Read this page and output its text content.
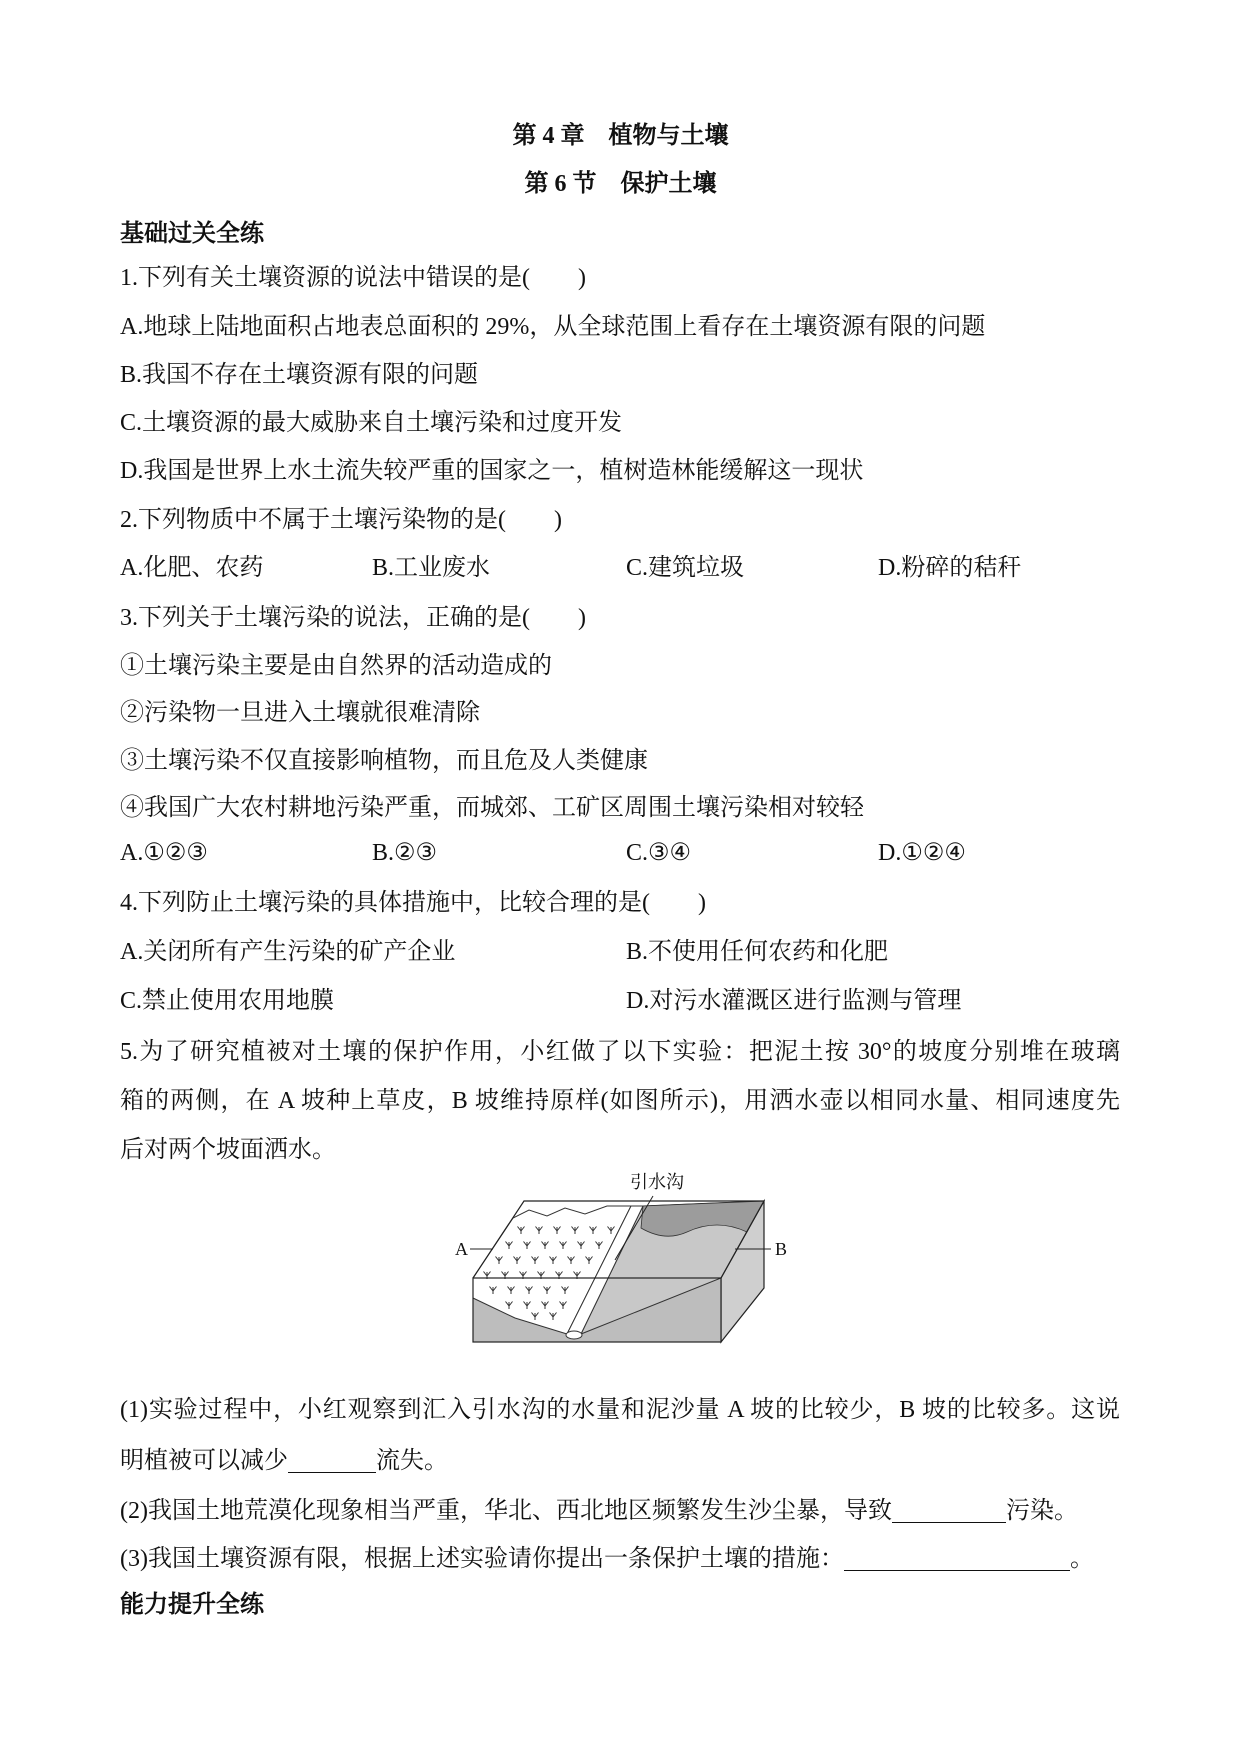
第 4 章　植物与土壤
第 6 节　保护土壤
基础过关全练
1.下列有关土壤资源的说法中错误的是(　　)
A.地球上陆地面积占地表总面积的 29%，从全球范围上看存在土壤资源有限的问题
B.我国不存在土壤资源有限的问题
C.土壤资源的最大威胁来自土壤污染和过度开发
D.我国是世界上水土流失较严重的国家之一，植树造林能缓解这一现状
2.下列物质中不属于土壤污染物的是(　　)
A.化肥、农药	B.工业废水	C.建筑垃圾	D.粉碎的秸秆
3.下列关于土壤污染的说法，正确的是(　　)
①土壤污染主要是由自然界的活动造成的
②污染物一旦进入土壤就很难清除
③土壤污染不仅直接影响植物，而且危及人类健康
④我国广大农村耕地污染严重，而城郊、工矿区周围土壤污染相对较轻
A.①②③	B.②③	C.③④	D.①②④
4.下列防止土壤污染的具体措施中，比较合理的是(　　)
A.关闭所有产生污染的矿产企业	B.不使用任何农药和化肥
C.禁止使用农用地膜	D.对污水灌溉区进行监测与管理
5.为了研究植被对土壤的保护作用，小红做了以下实验：把泥土按 30°的坡度分别堆在玻璃
箱的两侧，在 A 坡种上草皮，B 坡维持原样(如图所示)，用洒水壶以相同水量、相同速度先
后对两个坡面洒水。
引水沟
A	B
(1)实验过程中，小红观察到汇入引水沟的水量和泥沙量 A 坡的比较少，B 坡的比较多。这说
明植被可以减少	流失。
(2)我国土地荒漠化现象相当严重，华北、西北地区频繁发生沙尘暴，导致	污染。
(3)我国土壤资源有限，根据上述实验请你提出一条保护土壤的措施：	。
能力提升全练
